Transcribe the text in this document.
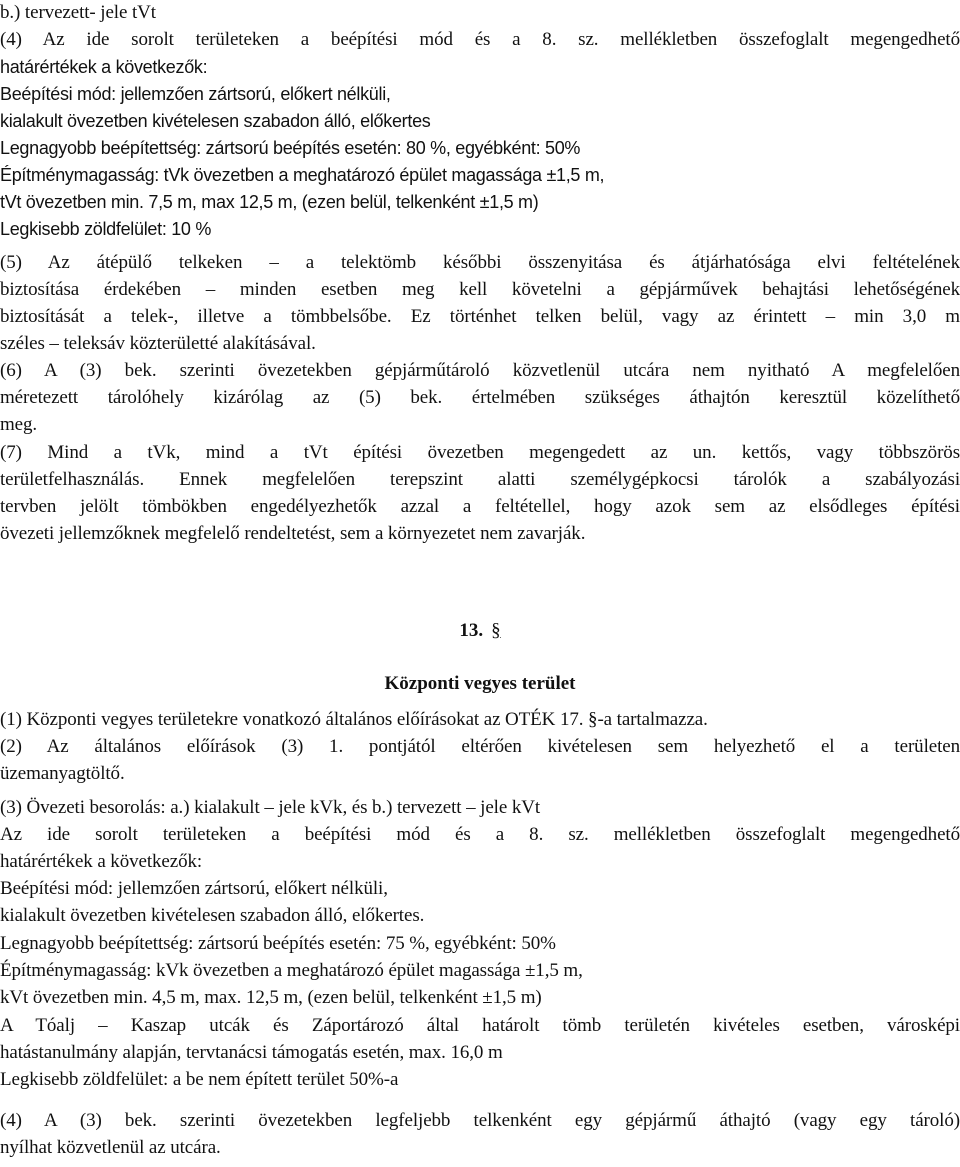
b.) tervezett- jele tVt
(4) Az ide sorolt területeken a beépítési mód és a 8. sz. mellékletben összefoglalt megengedhető
határértékek a következők:
Beépítési mód: jellemzően zártsorú, előkert nélküli,
kialakult övezetben kivételesen szabadon álló, előkertes
Legnagyobb beépítettség: zártsorú beépítés esetén: 80 %, egyébként: 50%
Építménymagasság: tVk övezetben a meghatározó épület magassága ±1,5 m,
tVt övezetben min. 7,5 m, max 12,5 m, (ezen belül, telkenként ±1,5 m)
Legkisebb zöldfelület: 10 %
(5) Az átépülő telkeken – a telektömb későbbi összenyitása és átjárhatósága elvi feltételének
biztosítása érdekében – minden esetben meg kell követelni a gépjárművek behajtási lehetőségének
biztosítását a telek-, illetve a tömbbelsőbe. Ez történhet telken belül, vagy az érintett – min 3,0 m
széles – teleksáv közterületté alakításával.
(6) A (3) bek. szerinti övezetekben gépjárműtároló közvetlenül utcára nem nyitható A megfelelően
méretezett tárolóhely kizárólag az (5) bek. értelmében szükséges áthajtón keresztül közelíthető
meg.
(7) Mind a tVk, mind a tVt építési övezetben megengedett az un. kettős, vagy többszörös
területfelhasználás. Ennek megfelelően terepszint alatti személygépkocsi tárolók a szabályozási
tervben jelölt tömbökben engedélyezhetők azzal a feltétellel, hogy azok sem az elsődleges építési
övezeti jellemzőknek megfelelő rendeltetést, sem a környezetet nem zavarják.
13. §
Központi vegyes terület
(1) Központi vegyes területekre vonatkozó általános előírásokat az OTÉK 17. §-a tartalmazza.
(2) Az általános előírások (3) 1. pontjától eltérően kivételesen sem helyezhető el a területen
üzemanyagtöltő.
(3) Övezeti besorolás: a.) kialakult – jele kVk, és b.) tervezett – jele kVt
Az ide sorolt területeken a beépítési mód és a 8. sz. mellékletben összefoglalt megengedhető
határértékek a következők:
Beépítési mód: jellemzően zártsorú, előkert nélküli,
kialakult övezetben kivételesen szabadon álló, előkertes.
Legnagyobb beépítettség: zártsorú beépítés esetén: 75 %, egyébként: 50%
Építménymagasság: kVk övezetben a meghatározó épület magassága ±1,5 m,
kVt övezetben min. 4,5 m, max. 12,5 m, (ezen belül, telkenként ±1,5 m)
A Tóalj – Kaszap utcák és Záportározó által határolt tömb területén kivételes esetben, városképi
hatástanulmány alapján, tervtanácsi támogatás esetén, max. 16,0 m
Legkisebb zöldfelület: a be nem épített terület 50%-a
(4) A (3) bek. szerinti övezetekben legfeljebb telkenként egy gépjármű áthajtó (vagy egy tároló)
nyílhat közvetlenül az utcára.
